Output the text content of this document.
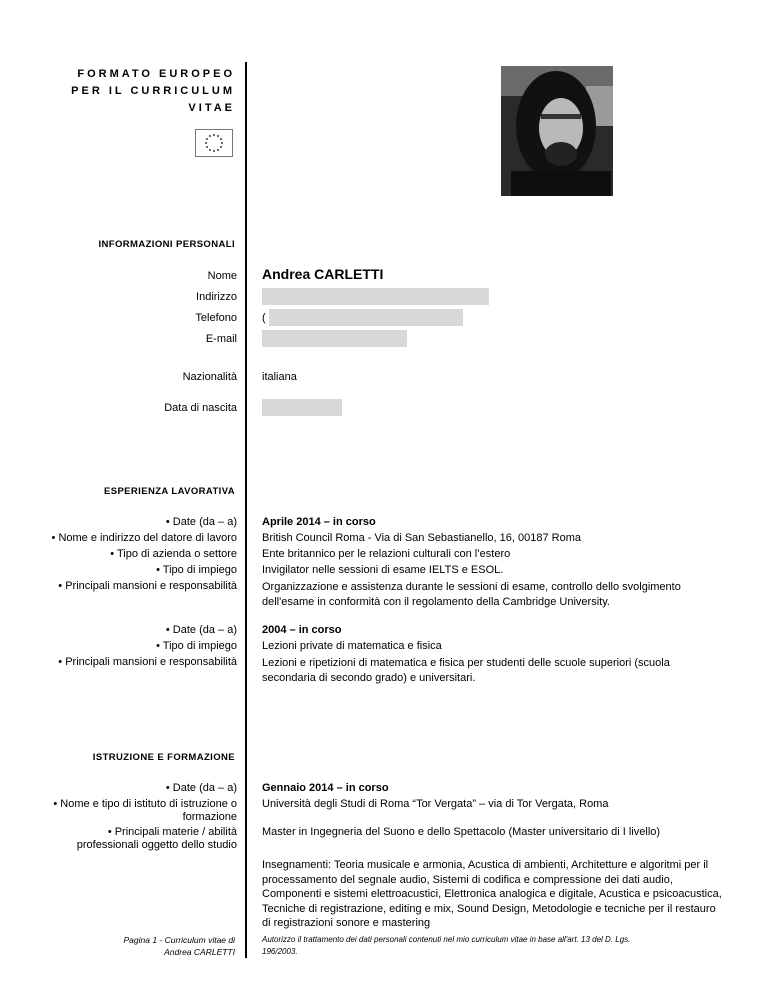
FORMATO EUROPEO
PER IL CURRICULUM
VITAE
INFORMAZIONI PERSONALI
Nome Andrea CARLETTI
Indirizzo
Telefono (
E-mail
Nazionalità italiana
Data di nascita
ESPERIENZA LAVORATIVA
• Date (da – a)
• Nome e indirizzo del datore di lavoro
• Tipo di azienda o settore
• Tipo di impiego
• Principali mansioni e responsabilità
Aprile 2014 – in corso
British Council Roma - Via di San Sebastianello, 16, 00187 Roma
Ente britannico per le relazioni culturali con l’estero
Invigilator nelle sessioni di esame IELTS e ESOL.
Organizzazione e assistenza durante le sessioni di esame, controllo dello svolgimento dell'esame in conformità con il regolamento della Cambridge University.
• Date (da – a)
• Tipo di impiego
• Principali mansioni e responsabilità
2004 – in corso
Lezioni private di matematica e fisica
Lezioni e ripetizioni di matematica e fisica per studenti delle scuole superiori (scuola secondaria di secondo grado) e universitari.
ISTRUZIONE E FORMAZIONE
• Date (da – a)
• Nome e tipo di istituto di istruzione o formazione
• Principali materie / abilità professionali oggetto dello studio
Gennaio 2014 – in corso
Università degli Studi di Roma “Tor Vergata” – via di Tor Vergata, Roma
Master in Ingegneria del Suono e dello Spettacolo (Master universitario di I livello)
Insegnamenti: Teoria musicale e armonia, Acustica di ambienti, Architetture e algoritmi per il processamento del segnale audio, Sistemi di codifica e compressione dei dati audio, Componenti e sistemi elettroacustici, Elettronica analogica e digitale, Acustica e psicoacustica, Tecniche di registrazione, editing e mix, Sound Design, Metodologie e tecniche per il restauro di registrazioni sonore e mastering
Pagina 1 - Curriculum vitae di
Andrea CARLETTI
Autorizzo il trattamento dei dati personali contenuti nel mio curriculum vitae in base all'art. 13 del D. Lgs. 196/2003.
